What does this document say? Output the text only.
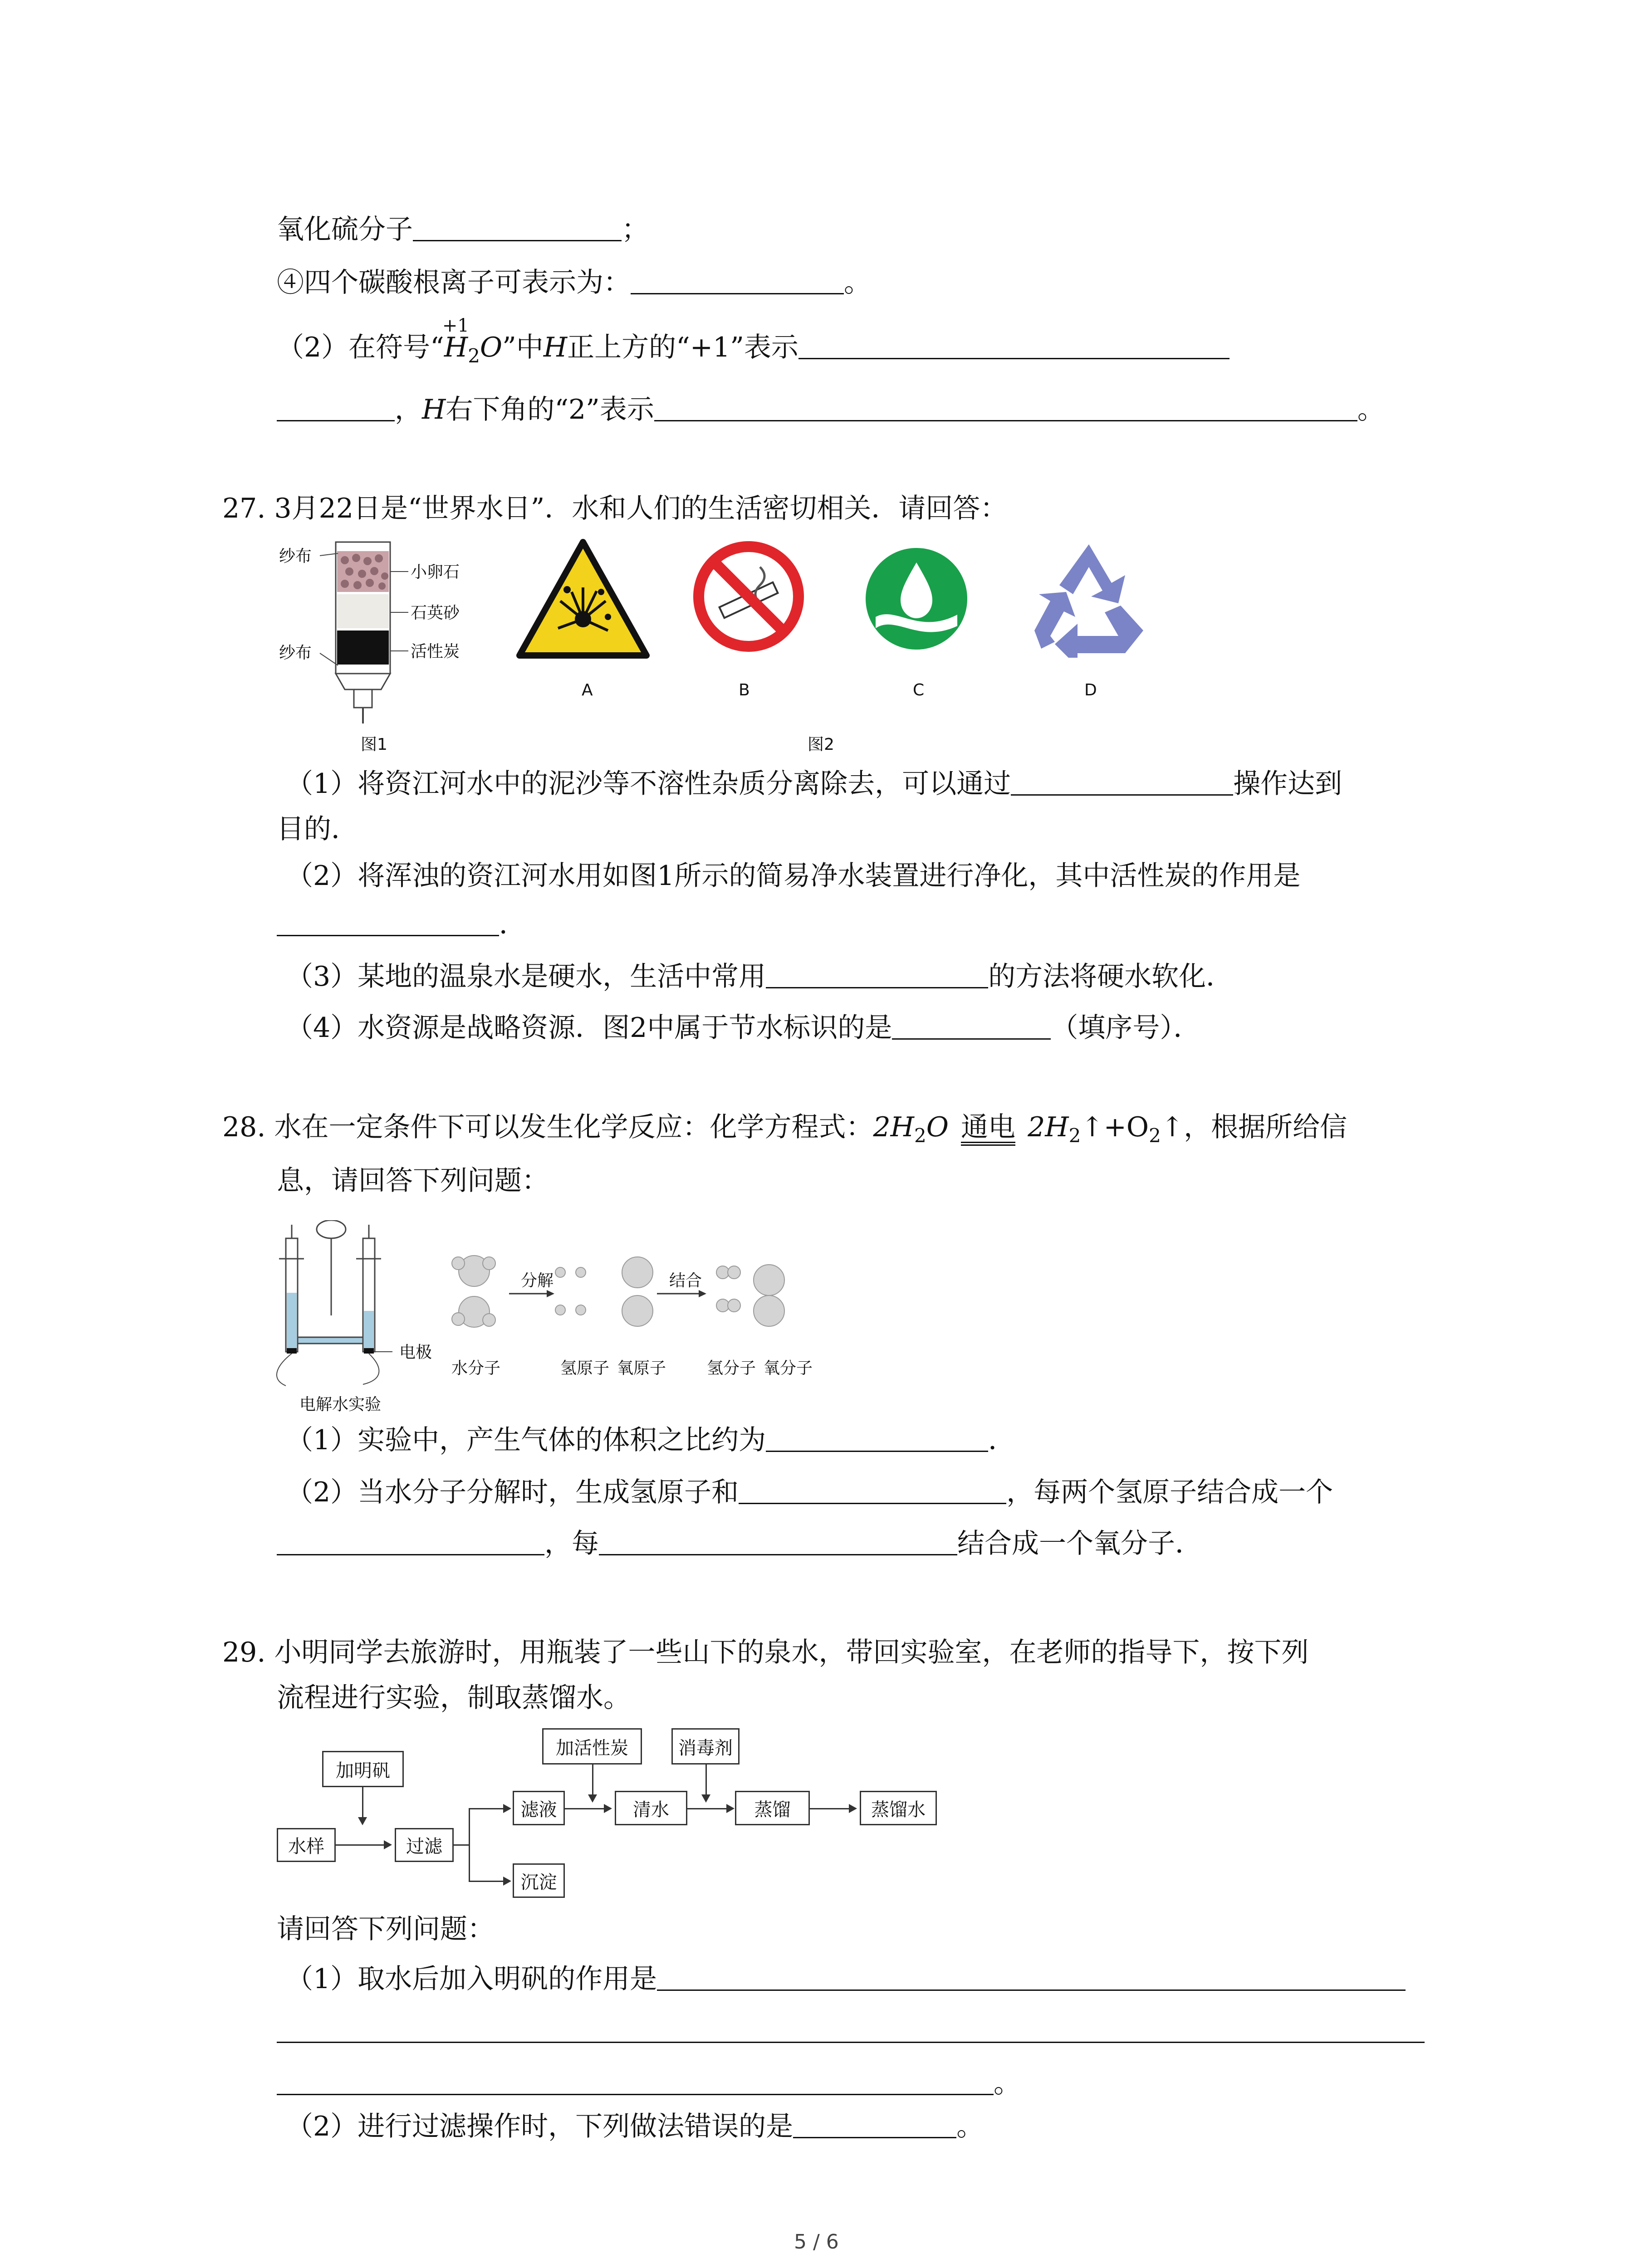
氧化硫分子	；
④四个碳酸根离子可表示为：	。
（2）在符号“H
+1
$_2$O”中H正上方的“+1”表示
，H右下角的“2”表示	。
27. 3月22日是“世界水日”．水和人们的生活密切相关．请回答：
纱布
小卵石
石英砂
纱布	活性炭
图1
A	B	C	D
图2
（1）将资江河水中的泥沙等不溶性杂质分离除去，可以通过	操作达到
目的．
（2）将浑浊的资江河水用如图1所示的简易净水装置进行净化，其中活性炭的作用是
．
（3）某地的温泉水是硬水，生活中常用	的方法将硬水软化．
（4）水资源是战略资源．图2中属于节水标识的是	（填序号）．
28. 水在一定条件下可以发生化学反应：化学方程式：$2H_2O$ 通电 $2H_2↑+O_2↑$，根据所给信
息，请回答下列问题：
电极
电解水实验
分解	结合
水分子	氢原子 氧原子 氢分子 氧分子
（1）实验中，产生气体的体积之比约为	．
（2）当水分子分解时，生成氢原子和	，每两个氢原子结合成一个
，每	结合成一个氧分子．
29. 小明同学去旅游时，用瓶装了一些山下的泉水，带回实验室，在老师的指导下，按下列
流程进行实验，制取蒸馏水。
加明矾
水样	过滤
滤液
沉淀
加活性炭
清水
消毒剂
蒸馏	蒸馏水
请回答下列问题：
（1）取水后加入明矾的作用是
。
（2）进行过滤操作时，下列做法错误的是	。
5 / 6
